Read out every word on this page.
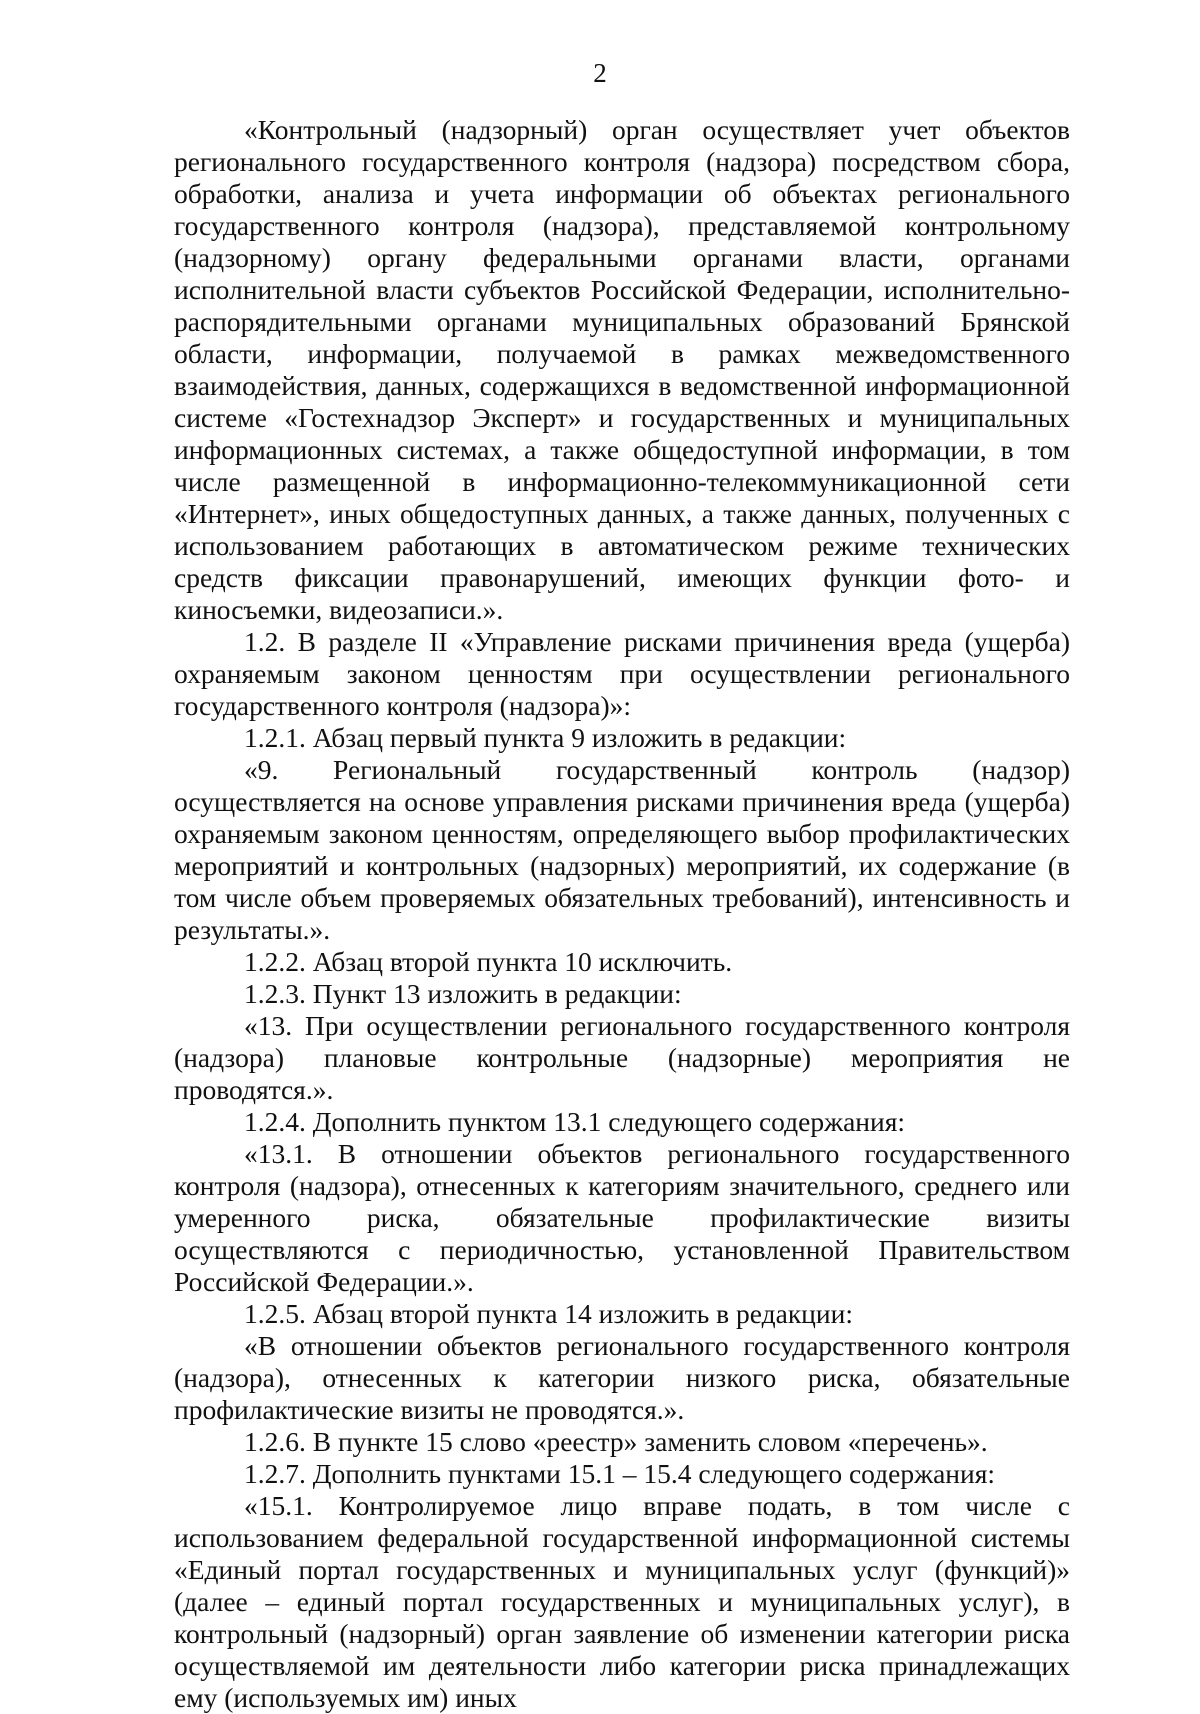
2

«Контрольный (надзорный) орган осуществляет учет объектов регионального государственного контроля (надзора) посредством сбора, обработки, анализа и учета информации об объектах регионального государственного контроля (надзора), представляемой контрольному (надзорному) органу федеральными органами власти, органами исполнительной власти субъектов Российской Федерации, исполнительно-распорядительными органами муниципальных образований Брянской области, информации, получаемой в рамках межведомственного взаимодействия, данных, содержащихся в ведомственной информационной системе «Гостехнадзор Эксперт» и государственных и муниципальных информационных системах, а также общедоступной информации, в том числе размещенной в информационно-телекоммуникационной сети «Интернет», иных общедоступных данных, а также данных, полученных с использованием работающих в автоматическом режиме технических средств фиксации правонарушений, имеющих функции фото- и киносъемки, видеозаписи.».

1.2. В разделе II «Управление рисками причинения вреда (ущерба) охраняемым законом ценностям при осуществлении регионального государственного контроля (надзора)»:

1.2.1. Абзац первый пункта 9 изложить в редакции:

«9. Региональный государственный контроль (надзор) осуществляется на основе управления рисками причинения вреда (ущерба) охраняемым законом ценностям, определяющего выбор профилактических мероприятий и контрольных (надзорных) мероприятий, их содержание (в том числе объем проверяемых обязательных требований), интенсивность и результаты.».

1.2.2. Абзац второй пункта 10 исключить.

1.2.3. Пункт 13 изложить в редакции:

«13. При осуществлении регионального государственного контроля (надзора) плановые контрольные (надзорные) мероприятия не проводятся.».

1.2.4. Дополнить пунктом 13.1 следующего содержания:

«13.1. В отношении объектов регионального государственного контроля (надзора), отнесенных к категориям значительного, среднего или умеренного риска, обязательные профилактические визиты осуществляются с периодичностью, установленной Правительством Российской Федерации.».

1.2.5. Абзац второй пункта 14 изложить в редакции:

«В отношении объектов регионального государственного контроля (надзора), отнесенных к категории низкого риска, обязательные профилактические визиты не проводятся.».

1.2.6. В пункте 15 слово «реестр» заменить словом «перечень».

1.2.7. Дополнить пунктами 15.1 – 15.4 следующего содержания:

«15.1. Контролируемое лицо вправе подать, в том числе с использованием федеральной государственной информационной системы «Единый портал государственных и муниципальных услуг (функций)» (далее – единый портал государственных и муниципальных услуг), в контрольный (надзорный) орган заявление об изменении категории риска осуществляемой им деятельности либо категории риска принадлежащих ему (используемых им) иных
